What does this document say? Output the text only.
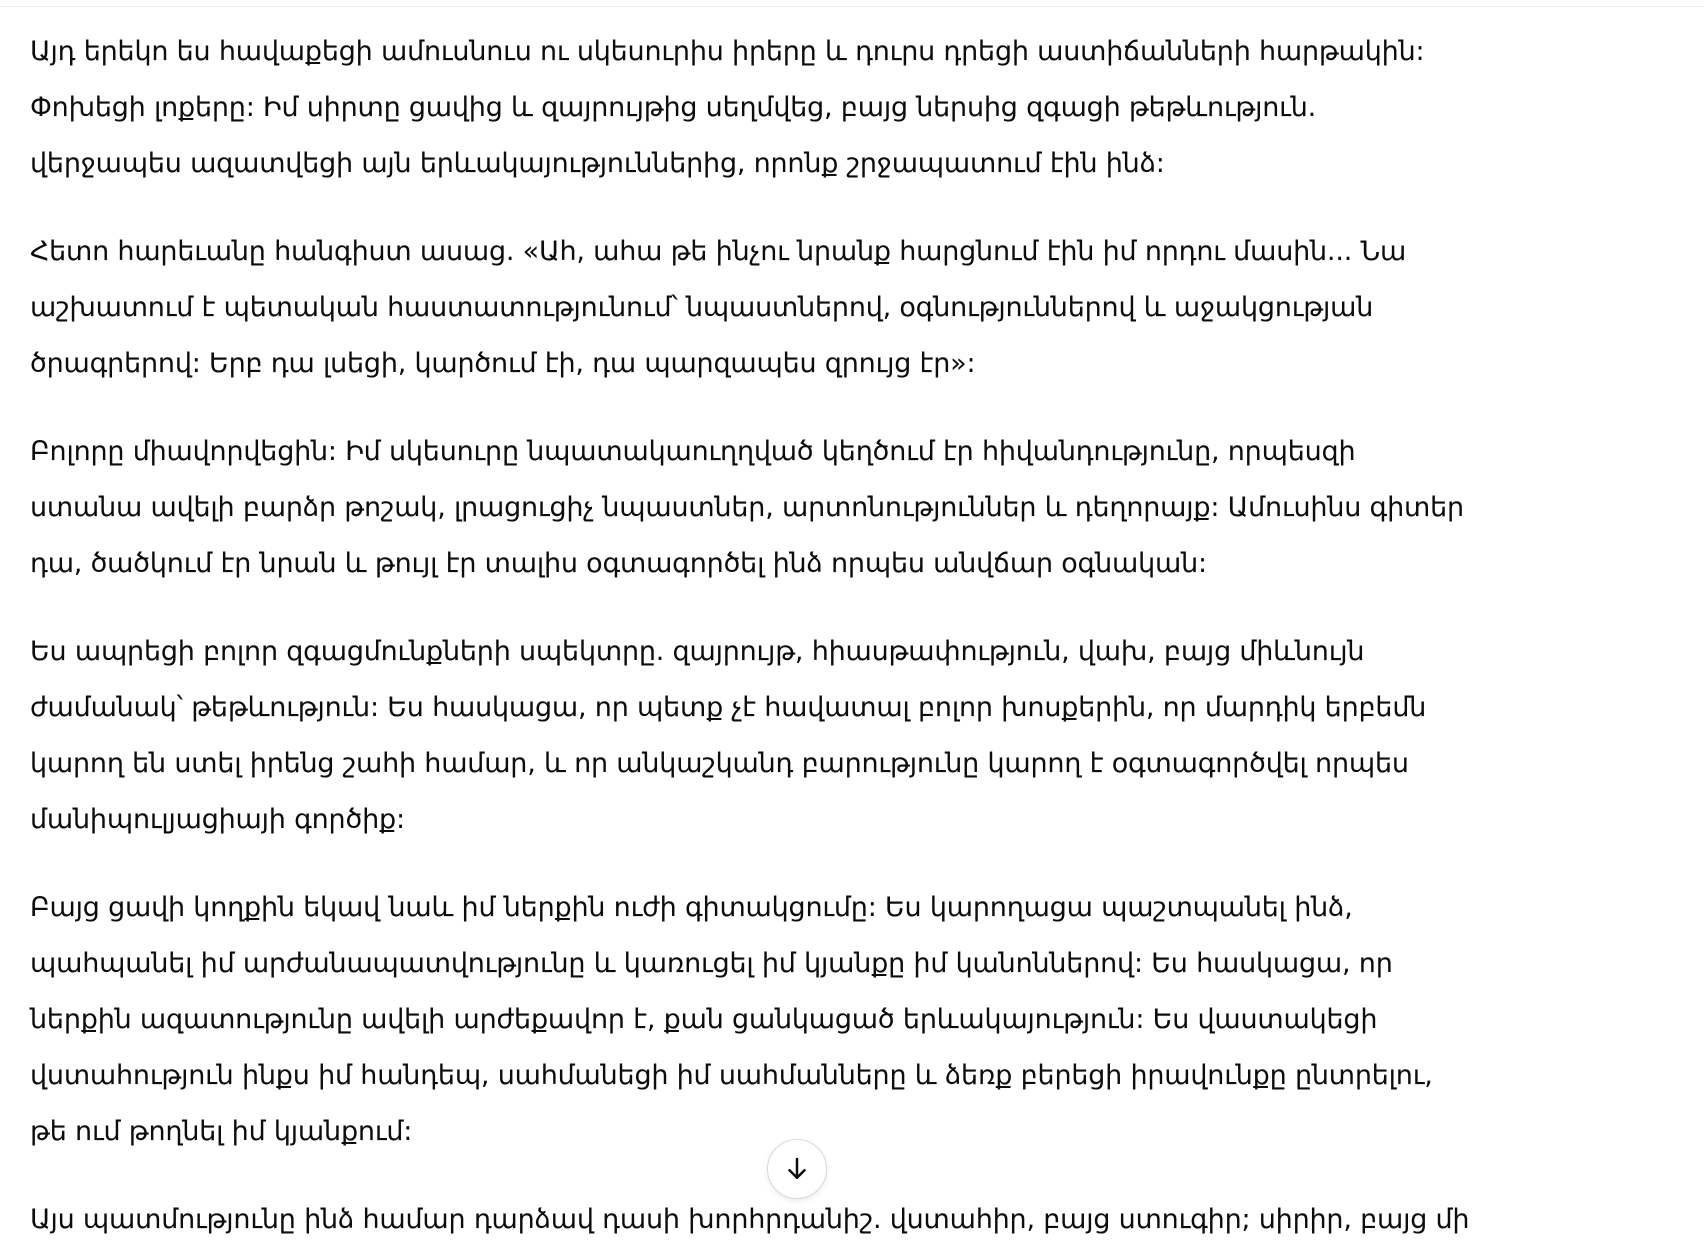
Այդ երեկո ես հավաքեցի ամուսնուս ու սկեսուրիս իրերը և դուրս դրեցի աստիճանների հարթակին:
Փոխեցի լոքերը: Իմ սիրտը ցավից և զայրույթից սեղմվեց, բայց ներսից զգացի թեթևություն.
վերջապես ազատվեցի այն երևակայություններից, որոնք շրջապատում էին ինձ:

Հետո հարեւանը հանգիստ ասաց. «Ահ, ահա թե ինչու նրանք հարցնում էին իմ որդու մասին... Նա
աշխատում է պետական հաստատությունում՝ նպաստներով, օգնություններով և աջակցության
ծրագրերով: Երբ դա լսեցի, կարծում էի, դա պարզապես զրույց էր»:

Բոլորը միավորվեցին: Իմ սկեսուրը նպատակաուղղված կեղծում էր հիվանդությունը, որպեսզի
ստանա ավելի բարձր թոշակ, լրացուցիչ նպաստներ, արտոնություններ և դեղորայք: Ամուսինս գիտեր
դա, ծածկում էր նրան և թույլ էր տալիս օգտագործել ինձ որպես անվճար օգնական:

Ես ապրեցի բոլոր զգացմունքների սպեկտրը. զայրույթ, հիասթափություն, վախ, բայց միևնույն
ժամանակ՝ թեթևություն: Ես հասկացա, որ պետք չէ հավատալ բոլոր խոսքերին, որ մարդիկ երբեմն
կարող են ստել իրենց շահի համար, և որ անկաշկանդ բարությունը կարող է օգտագործվել որպես
մանիպուլյացիայի գործիք:

Բայց ցավի կողքին եկավ նաև իմ ներքին ուժի գիտակցումը: Ես կարողացա պաշտպանել ինձ,
պահպանել իմ արժանապատվությունը և կառուցել իմ կյանքը իմ կանոններով: Ես հասկացա, որ
ներքին ազատությունը ավելի արժեքավոր է, քան ցանկացած երևակայություն: Ես վաստակեցի
վստահություն ինքս իմ հանդեպ, սահմանեցի իմ սահմանները և ձեռք բերեցի իրավունքը ընտրելու,
թե ում թողնել իմ կյանքում:

Այս պատմությունը ինձ համար դարձավ դասի խորհրդանիշ. վստահիր, բայց ստուգիր; սիրիր, բայց մի
